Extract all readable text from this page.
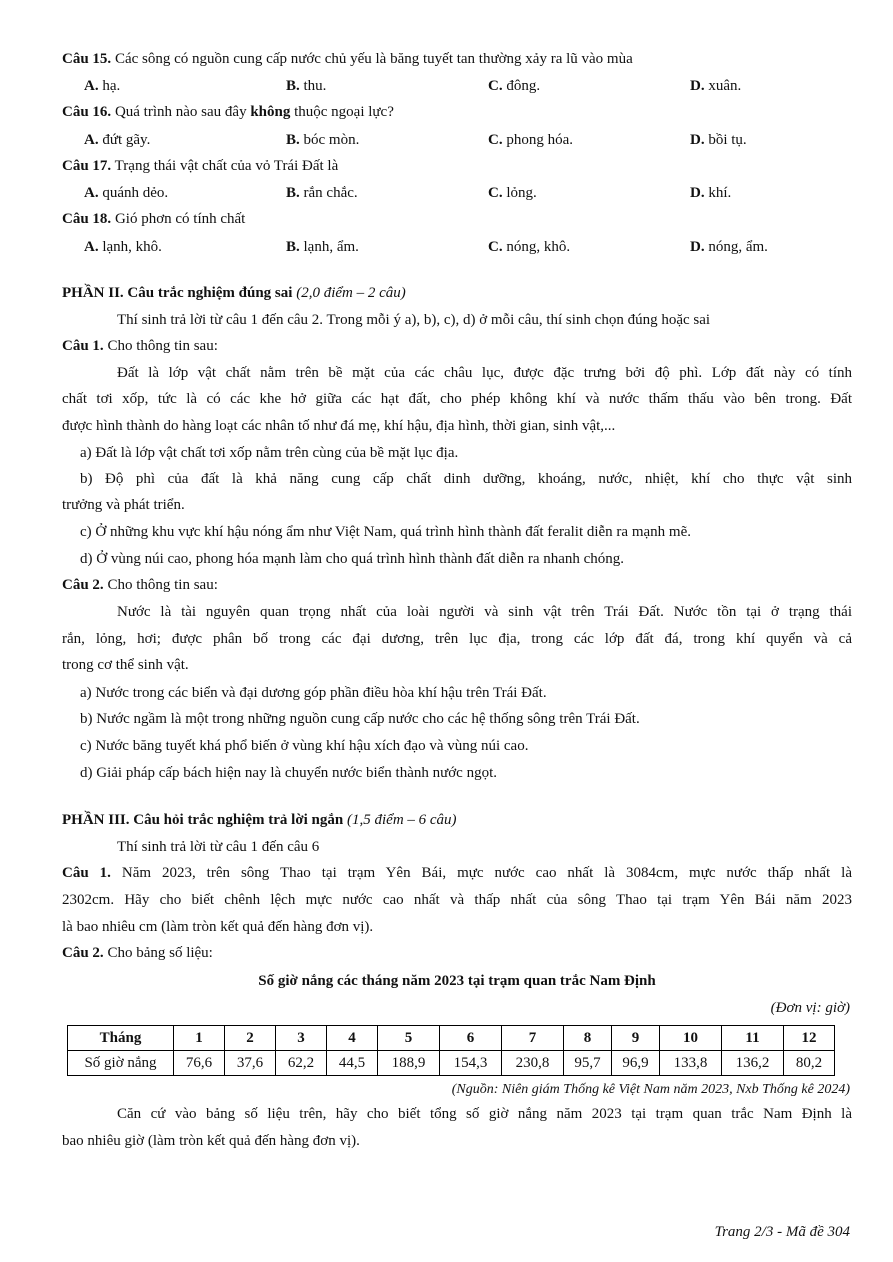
Câu 15. Các sông có nguồn cung cấp nước chủ yếu là băng tuyết tan thường xảy ra lũ vào mùa
A. hạ.	B. thu.	C. đông.	D. xuân.
Câu 16. Quá trình nào sau đây không thuộc ngoại lực?
A. đứt gãy.	B. bóc mòn.	C. phong hóa.	D. bồi tụ.
Câu 17. Trạng thái vật chất của vỏ Trái Đất là
A. quánh dẻo.	B. rắn chắc.	C. lỏng.	D. khí.
Câu 18. Gió phơn có tính chất
A. lạnh, khô.	B. lạnh, ẩm.	C. nóng, khô.	D. nóng, ẩm.
PHẦN II. Câu trắc nghiệm đúng sai (2,0 điểm – 2 câu)
Thí sinh trả lời từ câu 1 đến câu 2. Trong mỗi ý a), b), c), d) ở mỗi câu, thí sinh chọn đúng hoặc sai
Câu 1. Cho thông tin sau:
Đất là lớp vật chất nằm trên bề mặt của các châu lục, được đặc trưng bởi độ phì. Lớp đất này có tính
chất tơi xốp, tức là có các khe hở giữa các hạt đất, cho phép không khí và nước thấm thấu vào bên trong. Đất
được hình thành do hàng loạt các nhân tố như đá mẹ, khí hậu, địa hình, thời gian, sinh vật,...
a) Đất là lớp vật chất tơi xốp nằm trên cùng của bề mặt lục địa.
b) Độ phì của đất là khả năng cung cấp chất dinh dưỡng, khoáng, nước, nhiệt, khí cho thực vật sinh
trưởng và phát triển.
c) Ở những khu vực khí hậu nóng ẩm như Việt Nam, quá trình hình thành đất feralit diễn ra mạnh mẽ.
d) Ở vùng núi cao, phong hóa mạnh làm cho quá trình hình thành đất diễn ra nhanh chóng.
Câu 2. Cho thông tin sau:
Nước là tài nguyên quan trọng nhất của loài người và sinh vật trên Trái Đất. Nước tồn tại ở trạng thái
rắn, lỏng, hơi; được phân bố trong các đại dương, trên lục địa, trong các lớp đất đá, trong khí quyển và cả
trong cơ thể sinh vật.
a) Nước trong các biển và đại dương góp phần điều hòa khí hậu trên Trái Đất.
b) Nước ngầm là một trong những nguồn cung cấp nước cho các hệ thống sông trên Trái Đất.
c) Nước băng tuyết khá phổ biến ở vùng khí hậu xích đạo và vùng núi cao.
d) Giải pháp cấp bách hiện nay là chuyển nước biển thành nước ngọt.
PHẦN III. Câu hỏi trắc nghiệm trả lời ngắn (1,5 điểm – 6 câu)
Thí sinh trả lời từ câu 1 đến câu 6
Câu 1. Năm 2023, trên sông Thao tại trạm Yên Bái, mực nước cao nhất là 3084cm, mực nước thấp nhất là
2302cm. Hãy cho biết chênh lệch mực nước cao nhất và thấp nhất của sông Thao tại trạm Yên Bái năm 2023
là bao nhiêu cm (làm tròn kết quả đến hàng đơn vị).
Câu 2. Cho bảng số liệu:
Số giờ nắng các tháng năm 2023 tại trạm quan trắc Nam Định
(Đơn vị: giờ)
Tháng	1	2	3	4	5	6	7	8	9	10	11	12
Số giờ nắng	76,6	37,6	62,2	44,5	188,9	154,3	230,8	95,7	96,9	133,8	136,2	80,2
(Nguồn: Niên giám Thống kê Việt Nam năm 2023, Nxb Thống kê 2024)
Căn cứ vào bảng số liệu trên, hãy cho biết tổng số giờ nắng năm 2023 tại trạm quan trắc Nam Định là
bao nhiêu giờ (làm tròn kết quả đến hàng đơn vị).
Trang 2/3 - Mã đề 304
